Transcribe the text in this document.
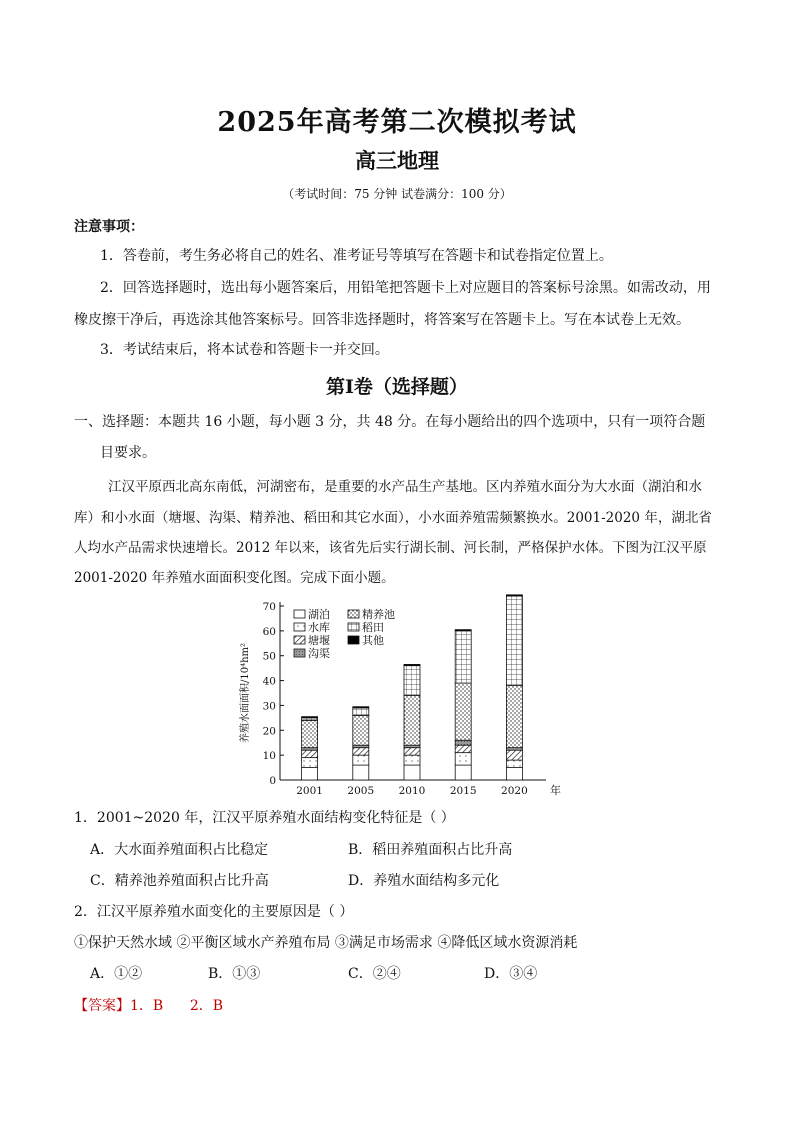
2025年高考第二次模拟考试
高三地理
（考试时间：75 分钟 试卷满分：100 分）
注意事项：
1．答卷前，考生务必将自己的姓名、准考证号等填写在答题卡和试卷指定位置上。
2．回答选择题时，选出每小题答案后，用铅笔把答题卡上对应题目的答案标号涂黑。如需改动，用
橡皮擦干净后，再选涂其他答案标号。回答非选择题时，将答案写在答题卡上。写在本试卷上无效。
3．考试结束后，将本试卷和答题卡一并交回。
第Ⅰ卷（选择题）
一、选择题：本题共 16 小题，每小题 3 分，共 48 分。在每小题给出的四个选项中，只有一项符合题
目要求。
江汉平原西北高东南低，河湖密布，是重要的水产品生产基地。区内养殖水面分为大水面（湖泊和水
库）和小水面（塘堰、沟渠、精养池、稻田和其它水面），小水面养殖需频繁换水。2001-2020 年，湖北省
人均水产品需求快速增长。2012 年以来，该省先后实行湖长制、河长制，严格保护水体。下图为江汉平原
2001-2020 年养殖水面面积变化图。完成下面小题。
0
10
20
30
40
50
60
70
养殖水面面积/10⁴hm²
年
2001 2005 2010 2015 2020
湖泊
水库
塘堰
沟渠
精养池
稻田
其他
1．2001~2020 年，江汉平原养殖水面结构变化特征是（ ）
A．大水面养殖面积占比稳定	B．稻田养殖面积占比升高
C．精养池养殖面积占比升高	D．养殖水面结构多元化
2．江汉平原养殖水面变化的主要原因是（ ）
①保护天然水域 ②平衡区域水产养殖布局 ③满足市场需求 ④降低区域水资源消耗
A．①②	B．①③	C．②④	D．③④
【答案】1．B      2．B
